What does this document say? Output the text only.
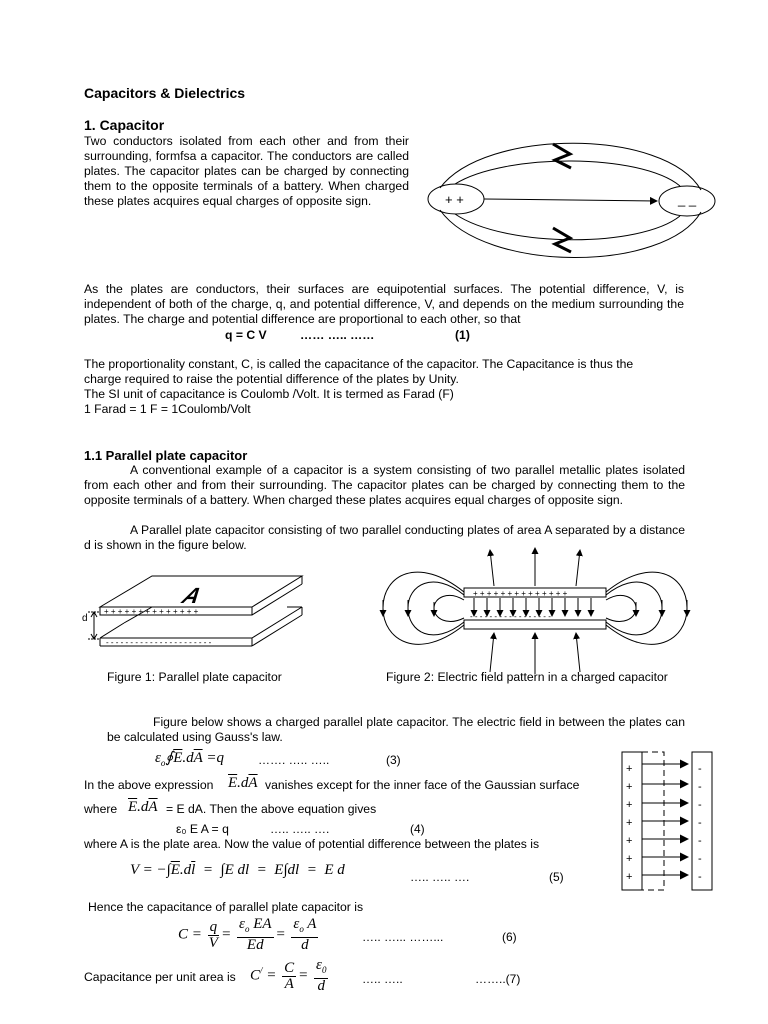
Capacitors & Dielectrics
1. Capacitor
Two conductors isolated from each other and from their surrounding, formfsa a capacitor. The conductors are called plates. The capacitor plates can be charged by connecting them to the opposite terminals of a battery. When charged these plates acquires equal charges of opposite sign.	+ +	_ _
As the plates are conductors, their surfaces are equipotential surfaces. The potential difference, V, is independent of both of the charge, q, and potential difference, V, and depends on the medium surrounding the plates. The charge and potential difference are proportional to each other, so that
q = C V	…… ….. ……	(1)
The proportionality constant, C, is called the capacitance of the capacitor. The Capacitance is thus the
charge required to raise the potential difference of the plates by Unity.
The SI unit of capacitance is Coulomb /Volt. It is termed as Farad (F)
1 Farad = 1 F = 1Coulomb/Volt
1.1 Parallel plate capacitor
A conventional example of a capacitor is a system consisting of two parallel metallic plates isolated from each other and from their surrounding. The capacitor plates can be charged by connecting them to the opposite terminals of a battery. When charged these plates acquires equal charges of opposite sign.
A Parallel plate capacitor consisting of two parallel conducting plates of area A separated by a distance d is shown in the figure below.
A
+ + + + + + + + + + + + + +
- - - - - - - - - - - - - - - - - - - - - -
d
Figure 1: Parallel plate capacitor
+ + + + + + + + + + + + + +
- - - - - - - - - - - - - - - - -
Figure 2: Electric field pattern in a charged capacitor
Figure below shows a charged parallel plate capacitor. The electric field in between the plates can be calculated using Gauss's law.
$\varepsilon_o∮\overline{E}.d\overline{A} =q$	……. ….. …..	(3)
In the above expression $\overline{E}.d\overline{A}$ vanishes except for the inner face of the Gaussian surface
where $\overline{E}.d\overline{A} = E$ dA. Then the above equation gives
ε₀ E A = q	….. ….. ….	(4)
where A is the plate area. Now the value of potential difference between the plates is
$V = -\int\overline{E}.d\overline{l} = \int E$ dl  =  E∫dl  =  E d	….. ….. ….	(5)
Hence the capacitance of parallel plate capacitor is
$C = \frac{q}{V} = \frac{\varepsilon_o EA}{Ed} = \frac{\varepsilon_o A}{d}$	….. …... ……...	(6)
Capacitance per unit area is $C^/ = \frac{C}{A} = \frac{\varepsilon_0}{d}$	….. …..	……..(7)
+
+
+
+
+
+
+
-
-
-
-
-
-
-
